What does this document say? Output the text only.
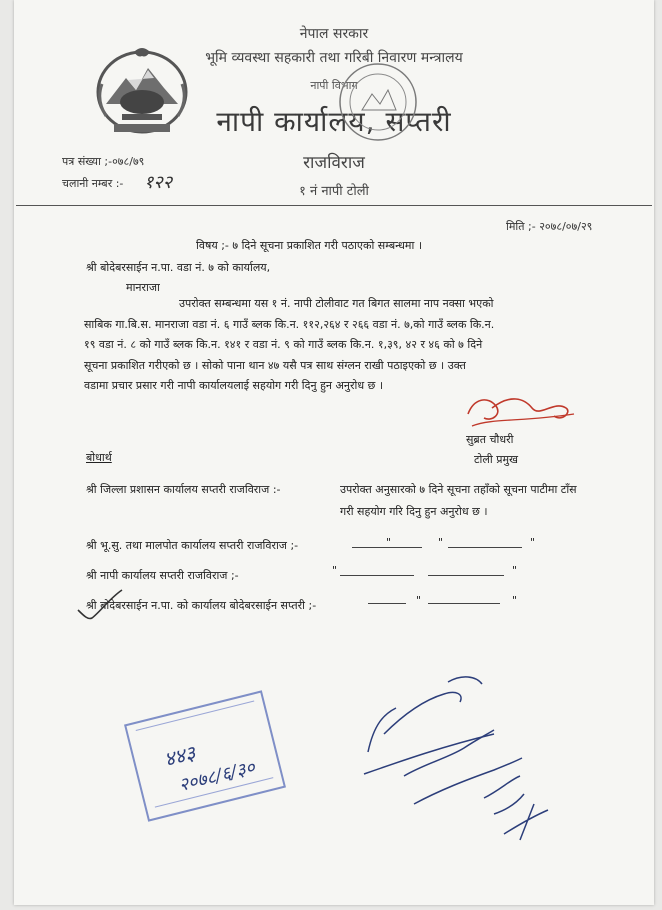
नेपाल सरकार
भूमि व्यवस्था सहकारी तथा गरिबी निवारण मन्त्रालय
नापी विभाग
नापी कार्यालय, सप्तरी
राजविराज
१ नं नापी टोली
पत्र संख्या ;-०७८/७९
चलानी नम्बर :- १२२
मिति ;- २०७८/०७/२९
विषय ;- ७ दिने सूचना प्रकाशित गरी पठाएको सम्बन्धमा ।
श्री बोदेबरसाईन न.पा. वडा नं. ७ को कार्यालय,
मानराजा
उपरोक्त सम्बन्धमा यस १ नं. नापी टोलीवाट गत बिगत सालमा नाप नक्सा भएको
साबिक गा.बि.स. मानराजा वडा नं. ६ गाउँ ब्लक कि.न. ११२,२६४ र २६६ वडा नं. ७,को गाउँ ब्लक कि.न.
१९ वडा नं. ८ को गाउँ ब्लक कि.न. १४१ र वडा नं. ९ को गाउँ ब्लक कि.न. १,३९, ४२ र ४६ को ७ दिने
सूचना प्रकाशित गरीएको छ । सोको पाना थान ४७ यसै पत्र साथ संग्लन राखी पठाइएको छ । उक्त
वडामा प्रचार प्रसार गरी नापी कार्यालयलाई सहयोग गरी दिनु हुन अनुरोध छ ।
सुब्रत चौधरी
टोली प्रमुख
बोधार्थ
श्री जिल्ला प्रशासन कार्यालय सप्तरी राजविराज :-	उपरोक्त अनुसारको ७ दिने सूचना तहाँको सूचना पाटीमा टाँस
गरी सहयोग गरि दिनु हुन अनुरोध छ ।
श्री भू.सु. तथा मालपोत कार्यालय सप्तरी राजविराज ;-	"	"	"
श्री नापी कार्यालय सप्तरी राजविराज ;-	"	"
श्री बोदेबरसाईन न.पा. को कार्यालय बोदेबरसाईन सप्तरी ;-	"	"
४४३
२०७८/६/३०
